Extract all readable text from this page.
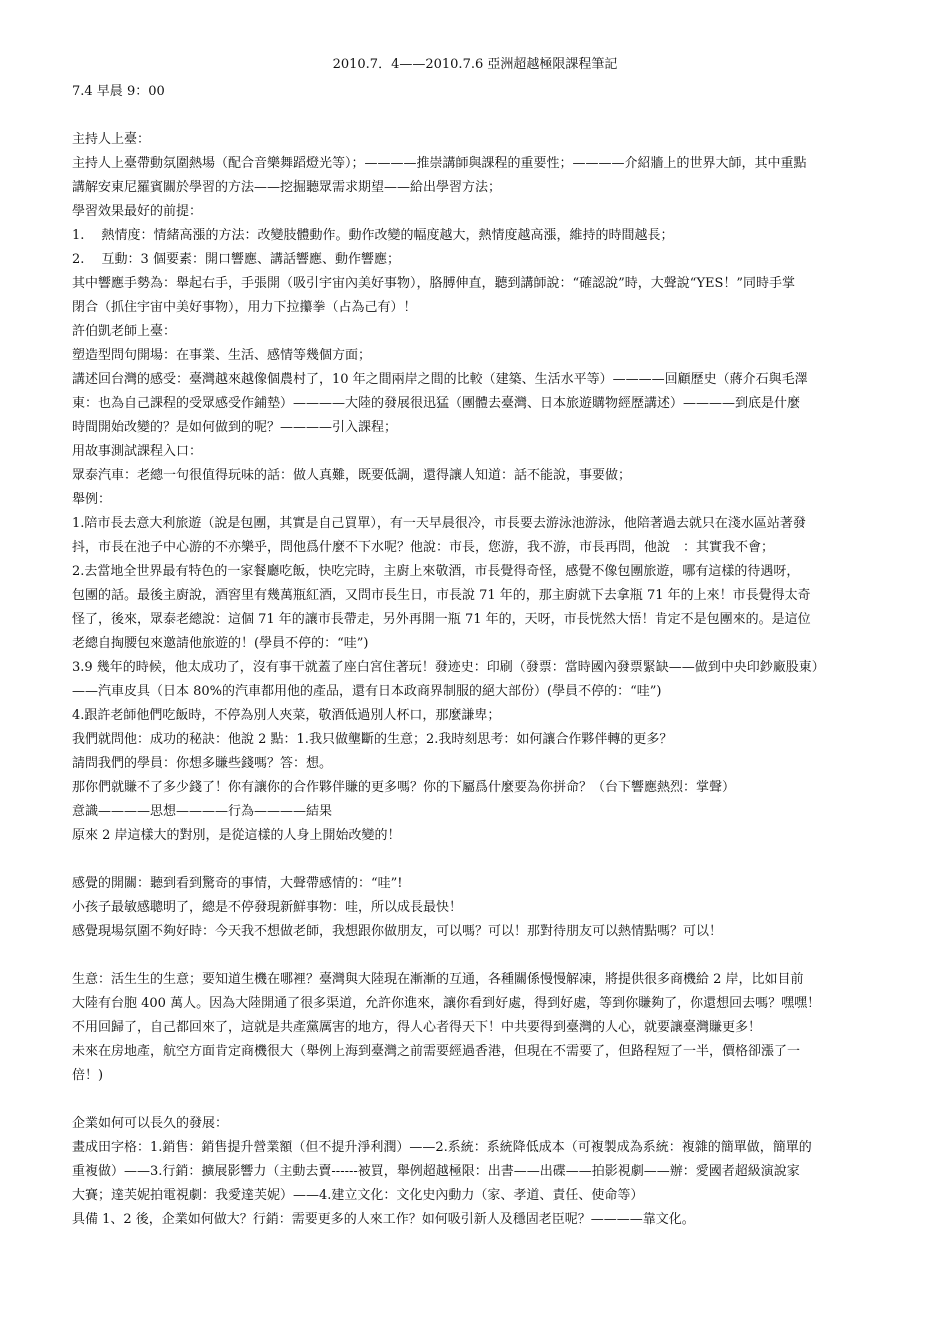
2010.7．4——2010.7.6 亞洲超越極限課程筆記
7.4 早晨 9：00
主持人上臺：
主持人上臺帶動氛圍熱場（配合音樂舞蹈燈光等）；————推崇講師與課程的重要性；————介紹牆上的世界大師，其中重點
講解安東尼羅賓關於學習的方法——挖掘聽眾需求期望——給出學習方法；
學習效果最好的前提：
1.　 熱情度：情緒高漲的方法：改變肢體動作。動作改變的幅度越大，熱情度越高漲，維持的時間越長；
2.　 互動：3 個要素：開口響應、講話響應、動作響應；
其中響應手勢為：舉起右手，手張開（吸引宇宙內美好事物），胳膊伸直，聽到講師說：“確認說”時，大聲說“YES！”同時手掌
閉合（抓住宇宙中美好事物），用力下拉攥拳（占為己有）！
許伯凱老師上臺：
塑造型問句開場：在事業、生活、感情等幾個方面；
講述回台灣的感受：臺灣越來越像個農村了，10 年之間兩岸之間的比較（建築、生活水平等）————回顧歷史（蔣介石與毛澤
東：也為自己課程的受眾感受作鋪墊）————大陸的發展很迅猛（團體去臺灣、日本旅遊購物經歷講述）————到底是什麼
時間開始改變的？是如何做到的呢？————引入課程；
用故事測試課程入口：
眾泰汽車：老總一句很值得玩味的話：做人真難，既要低調，還得讓人知道：話不能說，事要做；
舉例：
1.陪市長去意大利旅遊（說是包團，其實是自己買單），有一天早晨很冷，市長要去游泳池游泳，他陪著過去就只在淺水區站著發
抖，市長在池子中心游的不亦樂乎，問他爲什麼不下水呢？他說：市長，您游，我不游，市長再問，他說　：其實我不會；
2.去當地全世界最有特色的一家餐廳吃飯，快吃完時，主廚上來敬酒，市長覺得奇怪，感覺不像包團旅遊，哪有這樣的待遇呀，
包團的話。最後主廚說，酒窖里有幾萬瓶紅酒，又問市長生日，市長說 71 年的，那主廚就下去拿瓶 71 年的上來！市長覺得太奇
怪了，後來，眾泰老總說：這個 71 年的讓市長帶走，另外再開一瓶 71 年的，天呀，市長恍然大悟！肯定不是包團來的。是這位
老總自掏腰包來邀請他旅遊的！(學員不停的：“哇”)
3.9 幾年的時候，他太成功了，沒有事干就蓋了座白宮住著玩！發迹史：印刷（發票：當時國內發票緊缺——做到中央印鈔廠股東）
——汽車皮具（日本 80%的汽車都用他的產品，還有日本政商界制服的絕大部份）(學員不停的：“哇”)
4.跟許老師他們吃飯時，不停為別人夾菜，敬酒低過別人杯口，那麼謙卑；
我們就問他：成功的秘訣：他說 2 點：1.我只做壟斷的生意；2.我時刻思考：如何讓合作夥伴轉的更多？
請問我們的學員：你想多賺些錢嗎？答：想。
那你們就賺不了多少錢了！你有讓你的合作夥伴賺的更多嗎？你的下屬爲什麼要為你拼命？（台下響應熱烈：掌聲）
意識————思想————行為————結果
原來 2 岸這樣大的對別，是從這樣的人身上開始改變的！
感覺的開關：聽到看到驚奇的事情，大聲帶感情的：“哇”!
小孩子最敏感聰明了，總是不停發現新鮮事物：哇，所以成長最快！
感覺現場氛圍不夠好時：今天我不想做老師，我想跟你做朋友，可以嗎？可以！那對待朋友可以熱情點嗎？可以！
生意：活生生的生意；要知道生機在哪裡？臺灣與大陸現在漸漸的互通，各種關係慢慢解凍，將提供很多商機給 2 岸，比如目前
大陸有台胞 400 萬人。因為大陸開通了很多渠道，允許你進來，讓你看到好處，得到好處，等到你賺夠了，你還想回去嗎？嘿嘿！
不用回歸了，自己都回來了，這就是共產黨厲害的地方，得人心者得天下！中共要得到臺灣的人心，就要讓臺灣賺更多！
未來在房地產，航空方面肯定商機很大（舉例上海到臺灣之前需要經過香港，但現在不需要了，但路程短了一半，價格卻漲了一
倍！)
企業如何可以長久的發展：
畫成田字格：1.銷售：銷售提升營業額（但不提升淨利潤）——2.系統：系統降低成本（可複製成為系統：複雜的簡單做，簡單的
重複做）——3.行銷：擴展影響力（主動去賣------被買，舉例超越極限：出書——出碟——拍影視劇——辦：愛國者超級演說家
大賽；達芙妮拍電視劇：我愛達芙妮）——4.建立文化：文化史內動力（家、孝道、責任、使命等）
具備 1、2 後，企業如何做大？行銷：需要更多的人來工作？如何吸引新人及穩固老臣呢？————靠文化。
